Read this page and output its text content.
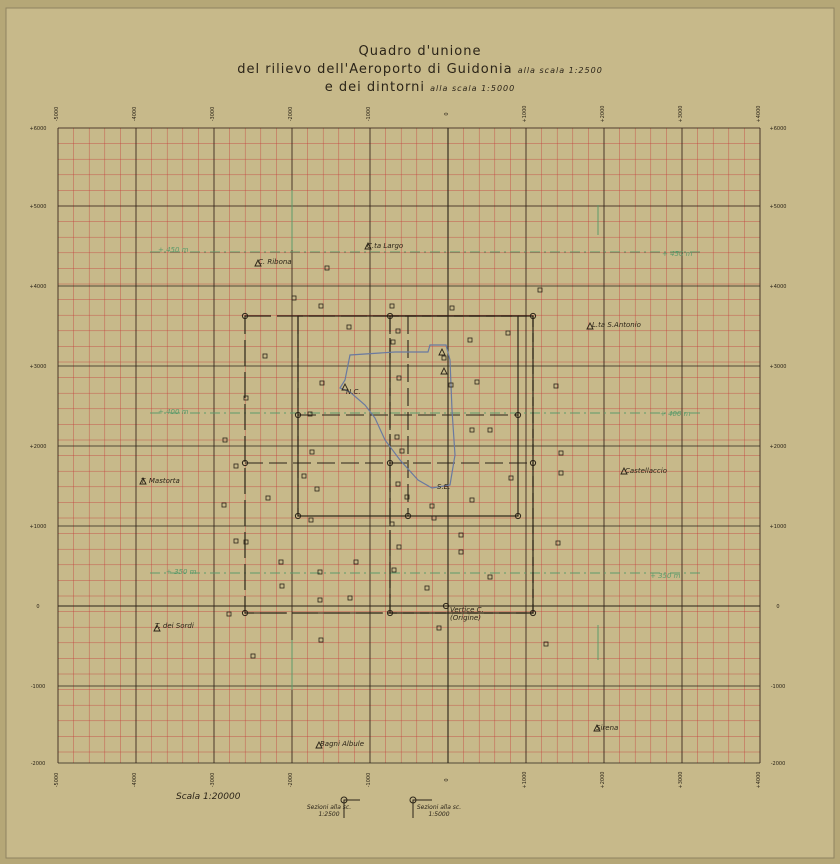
-5000
-5000
-4000
-4000
-3000
-3000
-2000
-2000
-1000
-1000
0
0
+1000
+1000
+2000
+2000
+3000
+3000
+4000
+4000
+6000	+6000
+5000	+5000
+4000	+4000
+3000	+3000
+2000	+2000
+1000	+1000
0	0
-1000	-1000
-2000	-2000
Quadro d'unione
del rilievo dell'Aeroporto di Guidonia alla scala 1:2500
e dei dintorni alla scala 1:5000
C. Ribona
C.ta Largo
L.ta S.Antonio
T. Mastorta
Castellaccio
T. dei Sordi
Vertice C. (Origine)
Bagni Albule
Sirena
N.C.
S.E.
+ 450 m	+ 450 m
+ 400 m	+ 400 m
+ 350 m	+ 350 m
Scala 1:20000
Sezioni alla sc. 1:2500
Sezioni alla sc. 1:5000
